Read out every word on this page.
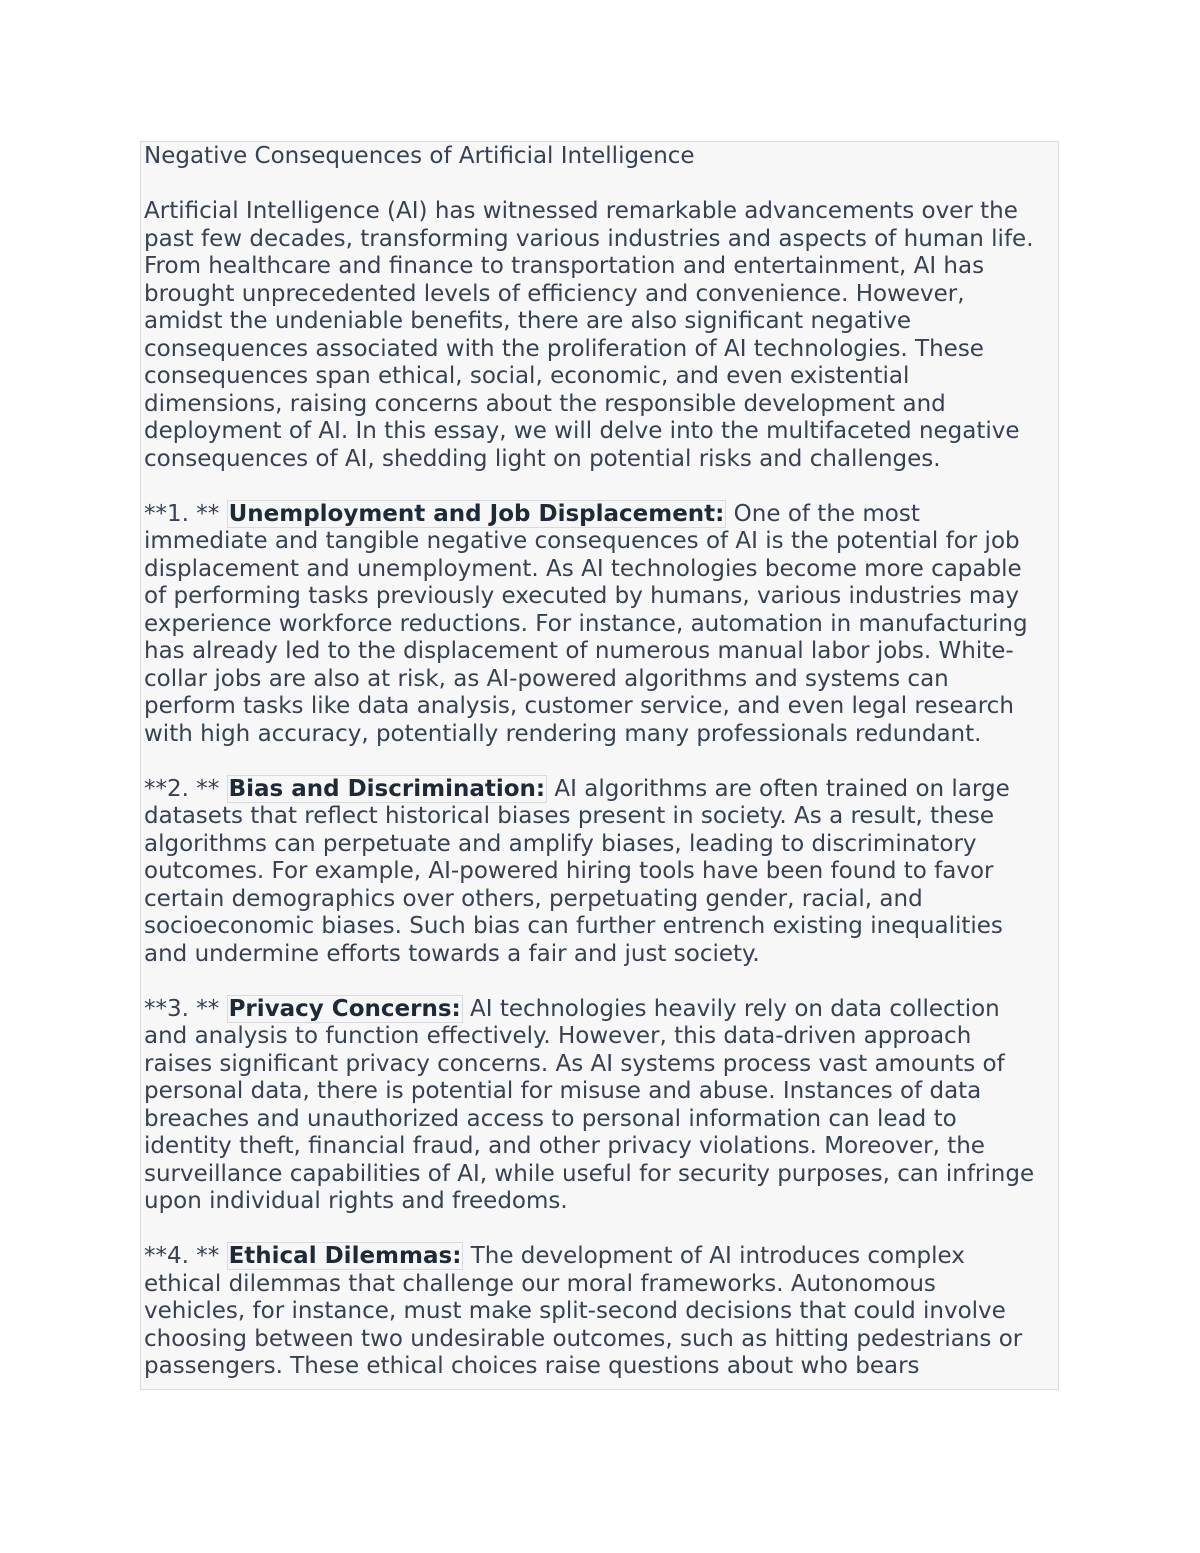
Negative Consequences of Artificial Intelligence
Artificial Intelligence (AI) has witnessed remarkable advancements over the
past few decades, transforming various industries and aspects of human life.
From healthcare and finance to transportation and entertainment, AI has
brought unprecedented levels of efficiency and convenience. However,
amidst the undeniable benefits, there are also significant negative
consequences associated with the proliferation of AI technologies. These
consequences span ethical, social, economic, and even existential
dimensions, raising concerns about the responsible development and
deployment of AI. In this essay, we will delve into the multifaceted negative
consequences of AI, shedding light on potential risks and challenges.
**1. ** Unemployment and Job Displacement: One of the most
immediate and tangible negative consequences of AI is the potential for job
displacement and unemployment. As AI technologies become more capable
of performing tasks previously executed by humans, various industries may
experience workforce reductions. For instance, automation in manufacturing
has already led to the displacement of numerous manual labor jobs. White-
collar jobs are also at risk, as AI-powered algorithms and systems can
perform tasks like data analysis, customer service, and even legal research
with high accuracy, potentially rendering many professionals redundant.
**2. ** Bias and Discrimination: AI algorithms are often trained on large
datasets that reflect historical biases present in society. As a result, these
algorithms can perpetuate and amplify biases, leading to discriminatory
outcomes. For example, AI-powered hiring tools have been found to favor
certain demographics over others, perpetuating gender, racial, and
socioeconomic biases. Such bias can further entrench existing inequalities
and undermine efforts towards a fair and just society.
**3. ** Privacy Concerns: AI technologies heavily rely on data collection
and analysis to function effectively. However, this data-driven approach
raises significant privacy concerns. As AI systems process vast amounts of
personal data, there is potential for misuse and abuse. Instances of data
breaches and unauthorized access to personal information can lead to
identity theft, financial fraud, and other privacy violations. Moreover, the
surveillance capabilities of AI, while useful for security purposes, can infringe
upon individual rights and freedoms.
**4. ** Ethical Dilemmas: The development of AI introduces complex
ethical dilemmas that challenge our moral frameworks. Autonomous
vehicles, for instance, must make split-second decisions that could involve
choosing between two undesirable outcomes, such as hitting pedestrians or
passengers. These ethical choices raise questions about who bears
